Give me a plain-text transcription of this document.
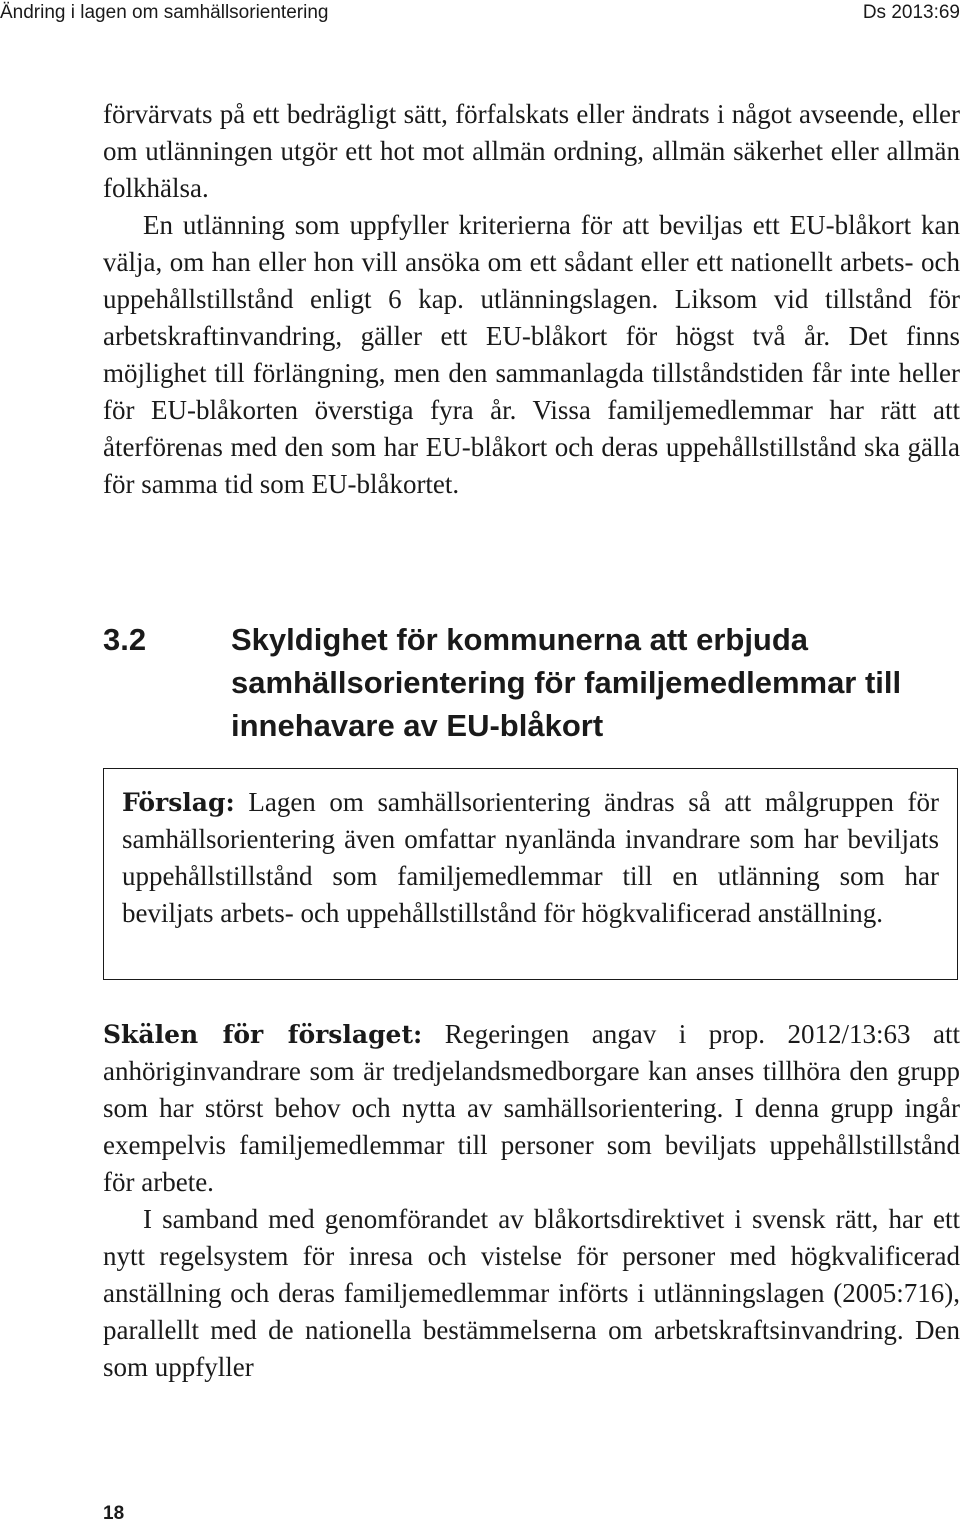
Ändring i lagen om samhällsorientering	Ds 2013:69

förvärvats på ett bedrägligt sätt, förfalskats eller ändrats i något avseende, eller om utlänningen utgör ett hot mot allmän ordning, allmän säkerhet eller allmän folkhälsa.

En utlänning som uppfyller kriterierna för att beviljas ett EU-blåkort kan välja, om han eller hon vill ansöka om ett sådant eller ett nationellt arbets- och uppehållstillstånd enligt 6 kap. utlänningslagen. Liksom vid tillstånd för arbetskraftinvandring, gäller ett EU-blåkort för högst två år. Det finns möjlighet till förlängning, men den sammanlagda tillståndstiden får inte heller för EU-blåkorten överstiga fyra år. Vissa familjemedlemmar har rätt att återförenas med den som har EU-blåkort och deras uppehållstillstånd ska gälla för samma tid som EU-blåkortet.

3.2	Skyldighet för kommunerna att erbjuda samhällsorientering för familjemedlemmar till innehavare av EU-blåkort

Förslag: Lagen om samhällsorientering ändras så att målgruppen för samhällsorientering även omfattar nyanlända invandrare som har beviljats uppehållstillstånd som familjemedlemmar till en utlänning som har beviljats arbets- och uppehållstillstånd för högkvalificerad anställning.

Skälen för förslaget: Regeringen angav i prop. 2012/13:63 att anhöriginvandrare som är tredjelandsmedborgare kan anses tillhöra den grupp som har störst behov och nytta av samhällsorientering. I denna grupp ingår exempelvis familjemedlemmar till personer som beviljats uppehållstillstånd för arbete.

I samband med genomförandet av blåkortsdirektivet i svensk rätt, har ett nytt regelsystem för inresa och vistelse för personer med högkvalificerad anställning och deras familjemedlemmar införts i utlänningslagen (2005:716), parallellt med de nationella bestämmelserna om arbetskraftsinvandring. Den som uppfyller

18
